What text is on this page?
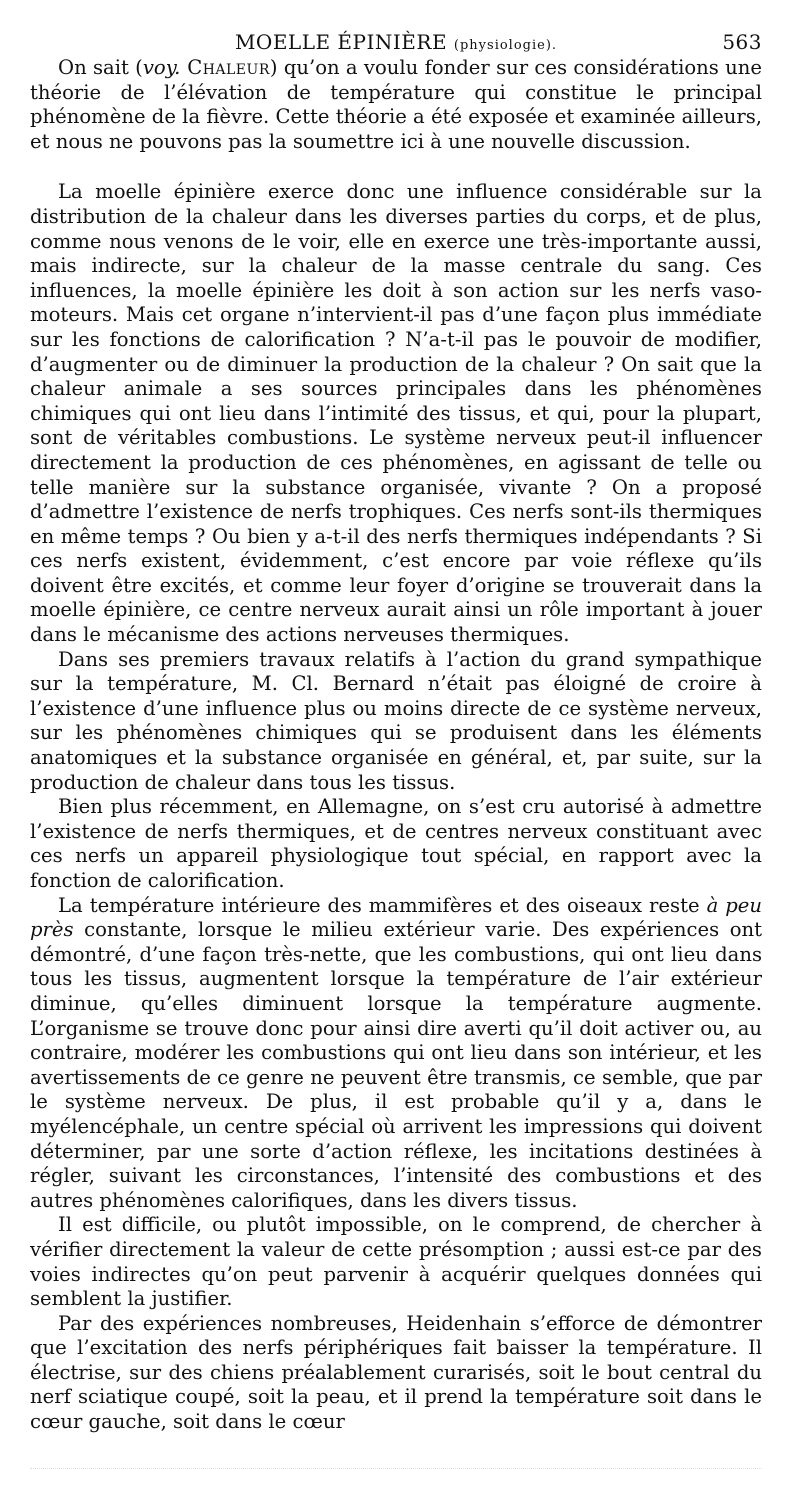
MOELLE ÉPINIÈRE (physiologie).	563

On sait (voy. Chaleur) qu’on a voulu fonder sur ces considérations une théorie de l’élévation de température qui constitue le principal phénomène de la fièvre. Cette théorie a été exposée et examinée ailleurs, et nous ne pouvons pas la soumettre ici à une nouvelle discussion.

La moelle épinière exerce donc une influence considérable sur la distribution de la chaleur dans les diverses parties du corps, et de plus, comme nous venons de le voir, elle en exerce une très-importante aussi, mais indirecte, sur la chaleur de la masse centrale du sang. Ces influences, la moelle épinière les doit à son action sur les nerfs vaso-moteurs. Mais cet organe n’intervient-il pas d’une façon plus immédiate sur les fonctions de calorification ? N’a-t-il pas le pouvoir de modifier, d’augmenter ou de diminuer la production de la chaleur ? On sait que la chaleur animale a ses sources principales dans les phénomènes chimiques qui ont lieu dans l’intimité des tissus, et qui, pour la plupart, sont de véritables combustions. Le système nerveux peut-il influencer directement la production de ces phénomènes, en agissant de telle ou telle manière sur la substance organisée, vivante ? On a proposé d’admettre l’existence de nerfs trophiques. Ces nerfs sont-ils thermiques en même temps ? Ou bien y a-t-il des nerfs thermiques indépendants ? Si ces nerfs existent, évidemment, c’est encore par voie réflexe qu’ils doivent être excités, et comme leur foyer d’origine se trouverait dans la moelle épinière, ce centre nerveux aurait ainsi un rôle important à jouer dans le mécanisme des actions nerveuses thermiques.

Dans ses premiers travaux relatifs à l’action du grand sympathique sur la température, M. Cl. Bernard n’était pas éloigné de croire à l’existence d’une influence plus ou moins directe de ce système nerveux, sur les phénomènes chimiques qui se produisent dans les éléments anatomiques et la substance organisée en général, et, par suite, sur la production de chaleur dans tous les tissus.

Bien plus récemment, en Allemagne, on s’est cru autorisé à admettre l’existence de nerfs thermiques, et de centres nerveux constituant avec ces nerfs un appareil physiologique tout spécial, en rapport avec la fonction de calorification.

La température intérieure des mammifères et des oiseaux reste à peu près constante, lorsque le milieu extérieur varie. Des expériences ont démontré, d’une façon très-nette, que les combustions, qui ont lieu dans tous les tissus, augmentent lorsque la température de l’air extérieur diminue, qu’elles diminuent lorsque la température augmente. L’organisme se trouve donc pour ainsi dire averti qu’il doit activer ou, au contraire, modérer les combustions qui ont lieu dans son intérieur, et les avertissements de ce genre ne peuvent être transmis, ce semble, que par le système nerveux. De plus, il est probable qu’il y a, dans le myélencéphale, un centre spécial où arrivent les impressions qui doivent déterminer, par une sorte d’action réflexe, les incitations destinées à régler, suivant les circonstances, l’intensité des combustions et des autres phénomènes calorifiques, dans les divers tissus.

Il est difficile, ou plutôt impossible, on le comprend, de chercher à vérifier directement la valeur de cette présomption ; aussi est-ce par des voies indirectes qu’on peut parvenir à acquérir quelques données qui semblent la justifier.

Par des expériences nombreuses, Heidenhain s’efforce de démontrer que l’excitation des nerfs périphériques fait baisser la température. Il électrise, sur des chiens préalablement curarisés, soit le bout central du nerf sciatique coupé, soit la peau, et il prend la température soit dans le cœur gauche, soit dans le cœur
